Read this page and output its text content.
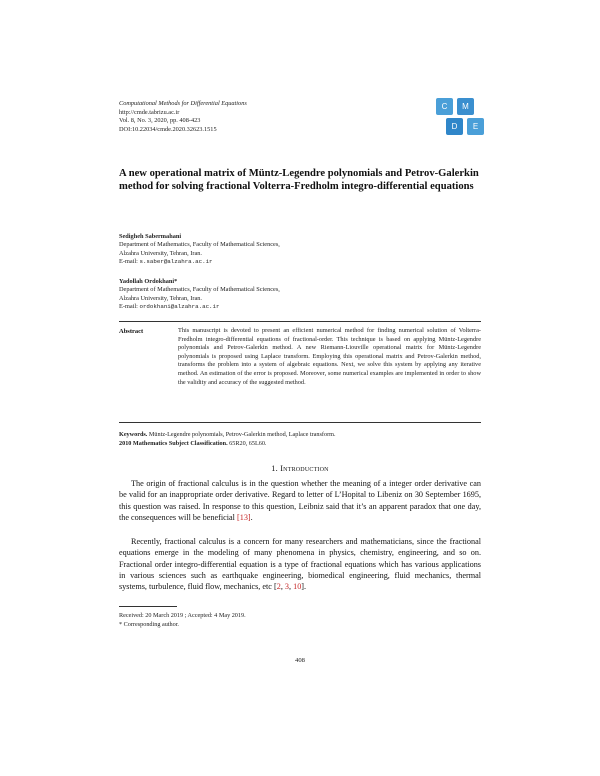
Computational Methods for Differential Equations
http://cmde.tabrizu.ac.ir
Vol. 8, No. 3, 2020, pp. 408-423
DOI:10.22034/cmde.2020.32623.1515
C	M
D	E
A new operational matrix of Müntz-Legendre polynomials and Petrov-Galerkin method for solving fractional Volterra-Fredholm integro-differential equations
Sedigheh Sabermahani
Department of Mathematics, Faculty of Mathematical Sciences,
Alzahra University, Tehran, Iran.
E-mail: s.saber@alzahra.ac.ir
Yadollah Ordokhani*
Department of Mathematics, Faculty of Mathematical Sciences,
Alzahra University, Tehran, Iran.
E-mail: ordokhani@alzahra.ac.ir
Abstract	This manuscript is devoted to present an efficient numerical method for finding numerical solution of Volterra-Fredholm integro-differential equations of fractional-order. This technique is based on applying Müntz-Legendre polynomials and Petrov-Galerkin method. A new Riemann-Liouville operational matrix for Müntz-Legendre polynomials is proposed using Laplace transform. Employing this operational matrix and Petrov-Galerkin method, transforms the problem into a system of algebraic equations. Next, we solve this system by applying any iterative method. An estimation of the error is proposed. Moreover, some numerical examples are implemented in order to show the validity and accuracy of the suggested method.
Keywords. Müntz-Legendre polynomials, Petrov-Galerkin method, Laplace transform.
2010 Mathematics Subject Classification. 65R20, 65L60.
1. Introduction
The origin of fractional calculus is in the question whether the meaning of a integer order derivative can be valid for an inappropriate order derivative. Regard to letter of L’Hopital to Libeniz on 30 September 1695, this question was raised. In response to this question, Leibniz said that it’s an apparent paradox that one day, the consequences will be beneficial [13].
Recently, fractional calculus is a concern for many researchers and mathematicians, since the fractional equations emerge in the modeling of many phenomena in physics, chemistry, engineering, and so on. Fractional order integro-differential equation is a type of fractional equations which has various applications in various sciences such as earthquake engineering, biomedical engineering, fluid mechanics, thermal systems, turbulence, fluid flow, mechanics, etc [2, 3, 10].
Received: 20 March 2019 ; Accepted: 4 May 2019.
* Corresponding author.
408
